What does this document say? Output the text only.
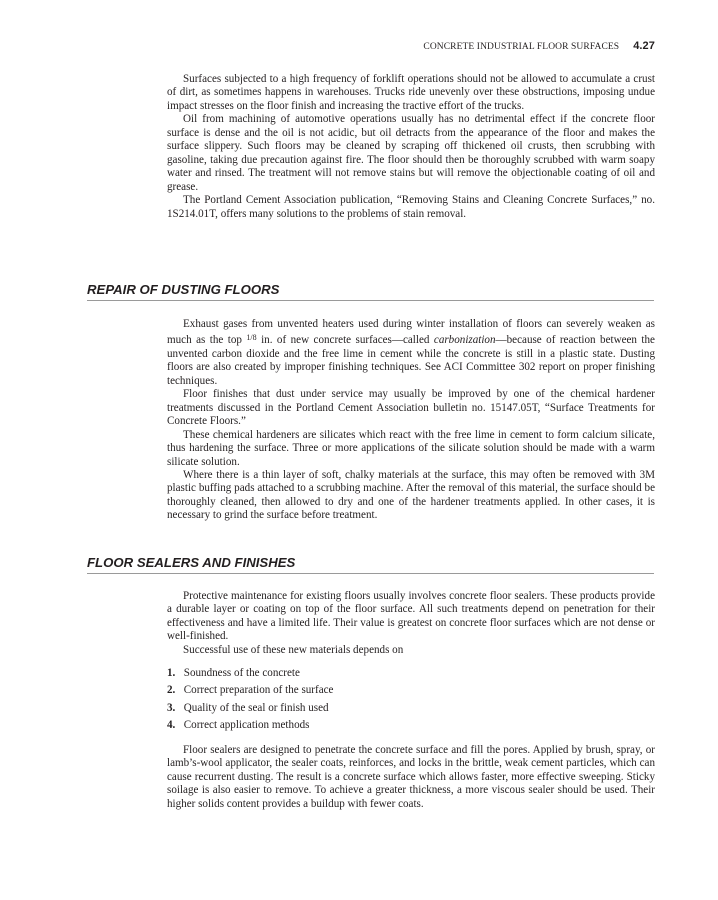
CONCRETE INDUSTRIAL FLOOR SURFACES 4.27

Surfaces subjected to a high frequency of forklift operations should not be allowed to accumulate a crust of dirt, as sometimes happens in warehouses. Trucks ride unevenly over these obstructions, imposing undue impact stresses on the floor finish and increasing the tractive effort of the trucks.

Oil from machining of automotive operations usually has no detrimental effect if the concrete floor surface is dense and the oil is not acidic, but oil detracts from the appearance of the floor and makes the surface slippery. Such floors may be cleaned by scraping off thickened oil crusts, then scrubbing with gasoline, taking due precaution against fire. The floor should then be thoroughly scrubbed with warm soapy water and rinsed. The treatment will not remove stains but will remove the objectionable coating of oil and grease.

The Portland Cement Association publication, “Removing Stains and Cleaning Concrete Surfaces,” no. 1S214.01T, offers many solutions to the problems of stain removal.

REPAIR OF DUSTING FLOORS

Exhaust gases from unvented heaters used during winter installation of floors can severely weaken as much as the top $^{1/8}$ in. of new concrete surfaces—called carbonization—because of reaction between the unvented carbon dioxide and the free lime in cement while the concrete is still in a plastic state. Dusting floors are also created by improper finishing techniques. See ACI Committee 302 report on proper finishing techniques.

Floor finishes that dust under service may usually be improved by one of the chemical hardener treatments discussed in the Portland Cement Association bulletin no. 15147.05T, “Surface Treatments for Concrete Floors.”

These chemical hardeners are silicates which react with the free lime in cement to form calcium silicate, thus hardening the surface. Three or more applications of the silicate solution should be made with a warm silicate solution.

Where there is a thin layer of soft, chalky materials at the surface, this may often be removed with 3M plastic buffing pads attached to a scrubbing machine. After the removal of this material, the surface should be thoroughly cleaned, then allowed to dry and one of the hardener treatments applied. In other cases, it is necessary to grind the surface before treatment.

FLOOR SEALERS AND FINISHES

Protective maintenance for existing floors usually involves concrete floor sealers. These products provide a durable layer or coating on top of the floor surface. All such treatments depend on penetration for their effectiveness and have a limited life. Their value is greatest on concrete floor surfaces which are not dense or well-finished.

Successful use of these new materials depends on

1. Soundness of the concrete
2. Correct preparation of the surface
3. Quality of the seal or finish used
4. Correct application methods

Floor sealers are designed to penetrate the concrete surface and fill the pores. Applied by brush, spray, or lamb’s-wool applicator, the sealer coats, reinforces, and locks in the brittle, weak cement particles, which can cause recurrent dusting. The result is a concrete surface which allows faster, more effective sweeping. Sticky soilage is also easier to remove. To achieve a greater thickness, a more viscous sealer should be used. Their higher solids content provides a buildup with fewer coats.
